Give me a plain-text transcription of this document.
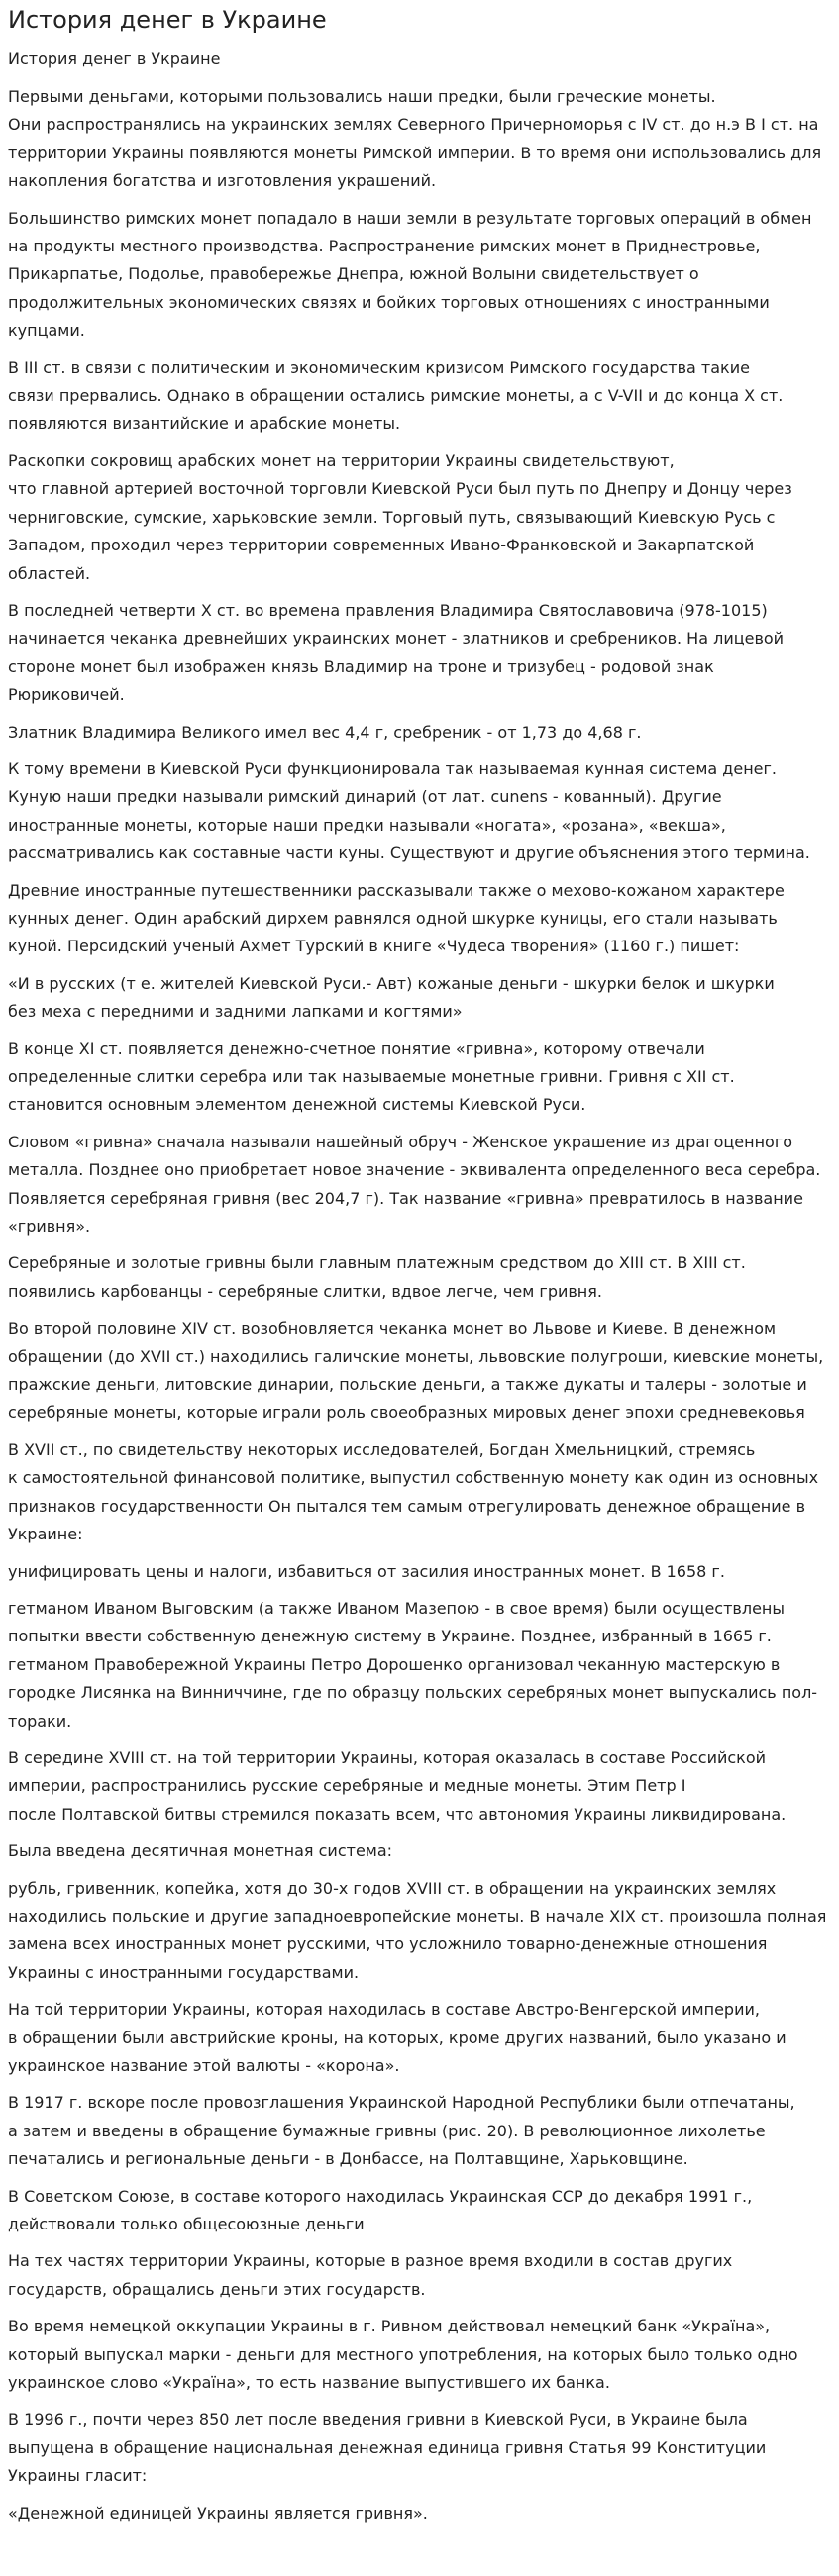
История денег в Украине
История денег в Украине

Первыми деньгами, которыми пользовались наши предки, были греческие монеты.
Они распространялись на украинских землях Северного Причерноморья с IV ст. до н.э В I ст. на территории Украины появляются монеты Римской империи. В то время они использовались для накопления богатства и изготовления украшений.

Большинство римских монет попадало в наши земли в результате торговых операций в обмен на продукты местного производства. Распространение римских монет в Приднестровье, Прикарпатье, Подолье, правобережье Днепра, южной Волыни свидетельствует о продолжительных экономических связях и бойких торговых отношениях с иностранными купцами.

В III ст. в связи с политическим и экономическим кризисом Римского государства такие
связи прервались. Однако в обращении остались римские монеты, а с V-VII и до конца X ст. появляются византийские и арабские монеты.

Раскопки сокровищ арабских монет на территории Украины свидетельствуют,
что главной артерией восточной торговли Киевской Руси был путь по Днепру и Донцу через черниговские, сумские, харьковские земли. Торговый путь, связывающий Киевскую Русь с Западом, проходил через территории современных Ивано-Франковской и Закарпатской областей.

В последней четверти X ст. во времена правления Владимира Святославовича (978-1015) начинается чеканка древнейших украинских монет - златников и сребреников. На лицевой стороне монет был изображен князь Владимир на троне и тризубец - родовой знак Рюриковичей.

Златник Владимира Великого имел вес 4,4 г, сребреник - от 1,73 до 4,68 г.

К тому времени в Киевской Руси функционировала так называемая кунная система денег. Куную наши предки называли римский динарий (от лат. cunens - кованный). Другие иностранные монеты, которые наши предки называли «ногата», «розана», «векша», рассматривались как составные части куны. Существуют и другие объяснения этого термина.

Древние иностранные путешественники рассказывали также о мехово-кожаном характере кунных денег. Один арабский дирхем равнялся одной шкурке куницы, его стали называть куной. Персидский ученый Ахмет Турский в книге «Чудеса творения» (1160 г.) пишет:

«И в русских (т е. жителей Киевской Руси.- Авт) кожаные деньги - шкурки белок и шкурки
без меха с передними и задними лапками и когтями»

В конце XI ст. появляется денежно-счетное понятие «гривна», которому отвечали определенные слитки серебра или так называемые монетные гривни. Гривня с XII ст. становится основным элементом денежной системы Киевской Руси.

Словом «гривна» сначала называли нашейный обруч - Женское украшение из драгоценного металла. Позднее оно приобретает новое значение - эквивалента определенного веса серебра. Появляется серебряная гривня (вес 204,7 г). Так название «гривна» превратилось в название «гривня».

Серебряные и золотые гривны были главным платежным средством до XIII ст. В XIII ст. появились карбованцы - серебряные слитки, вдвое легче, чем гривня.

Во второй половине XIV ст. возобновляется чеканка монет во Львове и Киеве. В денежном обращении (до XVII ст.) находились галичские монеты, львовские полугроши, киевские монеты, пражские деньги, литовские динарии, польские деньги, а также дукаты и талеры - золотые и серебряные монеты, которые играли роль своеобразных мировых денег эпохи средневековья

В XVII ст., по свидетельству некоторых исследователей, Богдан Хмельницкий, стремясь
к самостоятельной финансовой политике, выпустил собственную монету как один из основных признаков государственности Он пытался тем самым отрегулировать денежное обращение в Украине:

унифицировать цены и налоги, избавиться от засилия иностранных монет. В 1658 г.

гетманом Иваном Выговским (а также Иваном Мазепою - в свое время) были осуществлены попытки ввести собственную денежную систему в Украине. Позднее, избранный в 1665 г. гетманом Правобережной Украины Петро Дорошенко организовал чеканную мастерскую в городке Лисянка на Винниччине, где по образцу польских серебряных монет выпускались пол-тораки.

В середине XVIII ст. на той территории Украины, которая оказалась в составе Российской империи, распространились русские серебряные и медные монеты. Этим Петр I
после Полтавской битвы стремился показать всем, что автономия Украины ликвидирована.

Была введена десятичная монетная система:

рубль, гривенник, копейка, хотя до 30-х годов XVIII ст. в обращении на украинских землях находились польские и другие западноевропейские монеты. В начале XIX ст. произошла полная замена всех иностранных монет русскими, что усложнило товарно-денежные отношения Украины с иностранными государствами.

На той территории Украины, которая находилась в составе Австро-Венгерской империи,
в обращении были австрийские кроны, на которых, кроме других названий, было указано и украинское название этой валюты - «корона».

В 1917 г. вскоре после провозглашения Украинской Народной Республики были отпечатаны,
а затем и введены в обращение бумажные гривны (рис. 20). В революционное лихолетье печатались и региональные деньги - в Донбассе, на Полтавщине, Харьковщине.

В Советском Союзе, в составе которого находилась Украинская ССР до декабря 1991 г., действовали только общесоюзные деньги

На тех частях территории Украины, которые в разное время входили в состав других государств, обращались деньги этих государств.

Во время немецкой оккупации Украины в г. Ривном действовал немецкий банк «Україна», который выпускал марки - деньги для местного употребления, на которых было только одно украинское слово «Україна», то есть название выпустившего их банка.

В 1996 г., почти через 850 лет после введения гривни в Киевской Руси, в Украине была выпущена в обращение национальная денежная единица гривня Статья 99 Конституции Украины гласит:

«Денежной единицей Украины является гривня».
